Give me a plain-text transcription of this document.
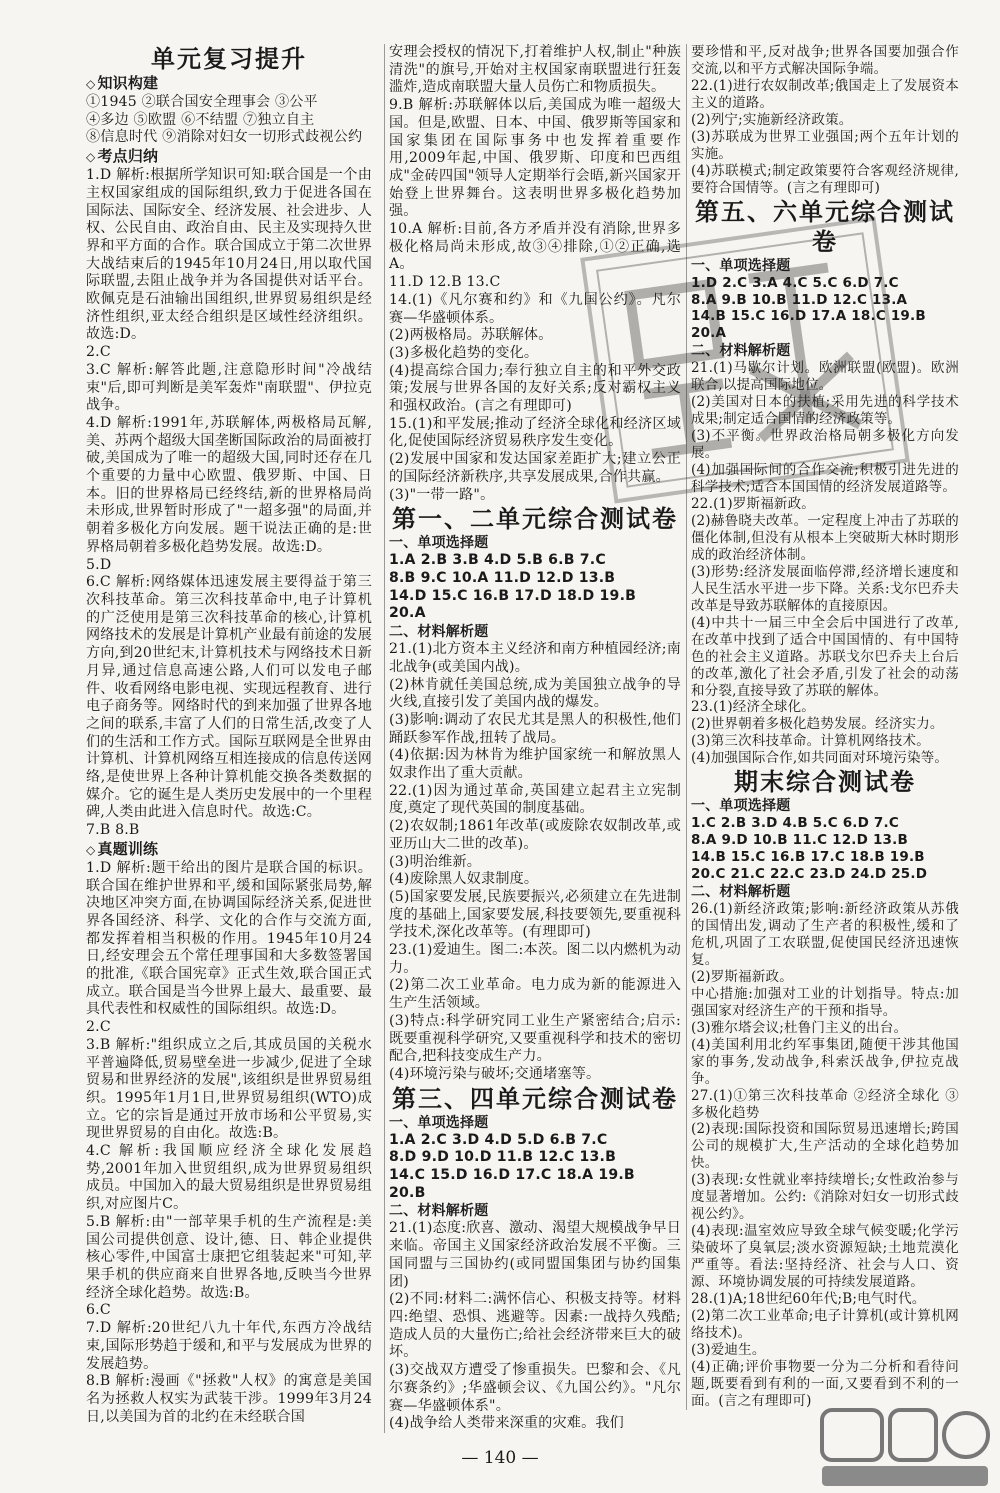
单元复习提升
◇ 知识构建

①1945 ②联合国安全理事会 ③公平

④多边 ⑤欧盟 ⑥不结盟 ⑦独立自主

⑧信息时代 ⑨消除对妇女一切形式歧视公约

◇ 考点归纳

1.D 解析:根据所学知识可知:联合国是一个由主权国家组成的国际组织,致力于促进各国在国际法、国际安全、经济发展、社会进步、人权、公民自由、政治自由、民主及实现持久世界和平方面的合作。联合国成立于第二次世界大战结束后的1945年10月24日,用以取代国际联盟,去阻止战争并为各国提供对话平台。欧佩克是石油输出国组织,世界贸易组织是经济性组织,亚太经合组织是区域性经济组织。故选:D。

2.C

3.C 解析:解答此题,注意隐形时间"冷战结束"后,即可判断是美军轰炸"南联盟"、伊拉克战争。

4.D 解析:1991年,苏联解体,两极格局瓦解,美、苏两个超级大国垄断国际政治的局面被打破,美国成为了唯一的超级大国,同时还存在几个重要的力量中心欧盟、俄罗斯、中国、日本。旧的世界格局已经终结,新的世界格局尚未形成,世界暂时形成了"一超多强"的局面,并朝着多极化方向发展。题干说法正确的是:世界格局朝着多极化趋势发展。故选:D。

5.D

6.C 解析:网络媒体迅速发展主要得益于第三次科技革命。第三次科技革命中,电子计算机的广泛使用是第三次科技革命的核心,计算机网络技术的发展是计算机产业最有前途的发展方向,到20世纪末,计算机技术与网络技术日新月异,通过信息高速公路,人们可以发电子邮件、收看网络电影电视、实现远程教育、进行电子商务等。网络时代的到来加强了世界各地之间的联系,丰富了人们的日常生活,改变了人们的生活和工作方式。国际互联网是全世界由计算机、计算机网络互相连接成的信息传送网络,是使世界上各种计算机能交换各类数据的媒介。它的诞生是人类历史发展中的一个里程碑,人类由此进入信息时代。故选:C。

7.B 8.B

◇ 真题训练

1.D 解析:题干给出的图片是联合国的标识。联合国在维护世界和平,缓和国际紧张局势,解决地区冲突方面,在协调国际经济关系,促进世界各国经济、科学、文化的合作与交流方面,都发挥着相当积极的作用。1945年10月24日,经安理会五个常任理事国和大多数签署国的批准,《联合国宪章》正式生效,联合国正式成立。联合国是当今世界上最大、最重要、最具代表性和权威性的国际组织。故选:D。

2.C

3.B 解析:"组织成立之后,其成员国的关税水平普遍降低,贸易壁垒进一步减少,促进了全球贸易和世界经济的发展",该组织是世界贸易组织。1995年1月1日,世界贸易组织(WTO)成立。它的宗旨是通过开放市场和公平贸易,实现世界贸易的自由化。故选:B。

4.C 解析:我国顺应经济全球化发展趋势,2001年加入世贸组织,成为世界贸易组织成员。中国加入的最大贸易组织是世界贸易组织,对应图片C。

5.B 解析:由"一部苹果手机的生产流程是:美国公司提供创意、设计,德、日、韩企业提供核心零件,中国富士康把它组装起来"可知,苹果手机的供应商来自世界各地,反映当今世界经济全球化趋势。故选:B。

6.C

7.D 解析:20世纪八九十年代,东西方冷战结束,国际形势趋于缓和,和平与发展成为世界的发展趋势。

8.B 解析:漫画《"拯救"人权》的寓意是美国名为拯救人权实为武装干涉。1999年3月24日,以美国为首的北约在未经联合国

安理会授权的情况下,打着维护人权,制止"种族清洗"的旗号,开始对主权国家南联盟进行狂轰滥炸,造成南联盟大量人员伤亡和物质损失。

9.B 解析:苏联解体以后,美国成为唯一超级大国。但是,欧盟、日本、中国、俄罗斯等国家和国家集团在国际事务中也发挥着重要作用,2009年起,中国、俄罗斯、印度和巴西组成"金砖四国"领导人定期举行会晤,新兴国家开始登上世界舞台。这表明世界多极化趋势加强。

10.A 解析:目前,各方矛盾并没有消除,世界多极化格局尚未形成,故③④排除,①②正确,选A。

11.D 12.B 13.C

14.(1)《凡尔赛和约》和《九国公约》。凡尔赛—华盛顿体系。

(2)两极格局。苏联解体。

(3)多极化趋势的变化。

(4)提高综合国力;奉行独立自主的和平外交政策;发展与世界各国的友好关系;反对霸权主义和强权政治。(言之有理即可)

15.(1)和平发展;推动了经济全球化和经济区域化,促使国际经济贸易秩序发生变化。

(2)发展中国家和发达国家差距扩大;建立公正的国际经济新秩序,共享发展成果,合作共赢。

(3)"一带一路"。

第一、二单元综合测试卷
一、单项选择题

1.A 2.B 3.B 4.D 5.B 6.B 7.C

8.B 9.C 10.A 11.D 12.D 13.B

14.D 15.C 16.B 17.D 18.D 19.B

20.A

二、材料解析题

21.(1)北方资本主义经济和南方种植园经济;南北战争(或美国内战)。

(2)林肯就任美国总统,成为美国独立战争的导火线,直接引发了美国内战的爆发。

(3)影响:调动了农民尤其是黑人的积极性,他们踊跃参军作战,扭转了战局。

(4)依据:因为林肯为维护国家统一和解放黑人奴隶作出了重大贡献。

22.(1)因为通过革命,英国建立起君主立宪制度,奠定了现代英国的制度基础。

(2)农奴制;1861年改革(或废除农奴制改革,或亚历山大二世的改革)。

(3)明治维新。

(4)废除黑人奴隶制度。

(5)国家要发展,民族要振兴,必须建立在先进制度的基础上,国家要发展,科技要领先,要重视科学技术,深化改革等。(有理即可)

23.(1)爱迪生。图二:本茨。图二以内燃机为动力。

(2)第二次工业革命。电力成为新的能源进入生产生活领域。

(3)特点:科学研究同工业生产紧密结合;启示:既要重视科学研究,又要重视科学和技术的密切配合,把科技变成生产力。

(4)环境污染与破坏;交通堵塞等。

第三、四单元综合测试卷
一、单项选择题

1.A 2.C 3.D 4.D 5.D 6.B 7.C

8.D 9.D 10.D 11.B 12.C 13.B

14.C 15.D 16.D 17.C 18.A 19.B

20.B

二、材料解析题

21.(1)态度:欣喜、激动、渴望大规模战争早日来临。帝国主义国家经济政治发展不平衡。三国同盟与三国协约(或同盟国集团与协约国集团)

(2)不同:材料二:满怀信心、积极支持等。材料四:绝望、恐惧、逃避等。因素:一战持久残酷;造成人员的大量伤亡;给社会经济带来巨大的破坏。

(3)交战双方遭受了惨重损失。巴黎和会、《凡尔赛条约》;华盛顿会议、《九国公约》。"凡尔赛—华盛顿体系"。

(4)战争给人类带来深重的灾难。我们

要珍惜和平,反对战争;世界各国要加强合作交流,以和平方式解决国际争端。

22.(1)进行农奴制改革;俄国走上了发展资本主义的道路。

(2)列宁;实施新经济政策。

(3)苏联成为世界工业强国;两个五年计划的实施。

(4)苏联模式;制定政策要符合客观经济规律,要符合国情等。(言之有理即可)

第五、六单元综合测试卷
一、单项选择题

1.D 2.C 3.A 4.C 5.C 6.D 7.C

8.A 9.B 10.B 11.D 12.C 13.A

14.B 15.C 16.D 17.A 18.C 19.B

20.A

二、材料解析题

21.(1)马歇尔计划。欧洲联盟(欧盟)。欧洲联合,以提高国际地位。

(2)美国对日本的扶植;采用先进的科学技术成果;制定适合国情的经济政策等。

(3)不平衡。世界政治格局朝多极化方向发展。

(4)加强国际间的合作交流;积极引进先进的科学技术;适合本国国情的经济发展道路等。

22.(1)罗斯福新政。

(2)赫鲁晓夫改革。一定程度上冲击了苏联的僵化体制,但没有从根本上突破斯大林时期形成的政治经济体制。

(3)形势:经济发展面临停滞,经济增长速度和人民生活水平进一步下降。关系:戈尔巴乔夫改革是导致苏联解体的直接原因。

(4)中共十一届三中全会后中国进行了改革,在改革中找到了适合中国国情的、有中国特色的社会主义道路。苏联戈尔巴乔夫上台后的改革,激化了社会矛盾,引发了社会的动荡和分裂,直接导致了苏联的解体。

23.(1)经济全球化。

(2)世界朝着多极化趋势发展。经济实力。

(3)第三次科技革命。计算机网络技术。

(4)加强国际合作,如共同面对环境污染等。

期末综合测试卷
一、单项选择题

1.C 2.B 3.D 4.B 5.C 6.D 7.C

8.A 9.D 10.B 11.C 12.D 13.B

14.B 15.C 16.B 17.C 18.B 19.B

20.C 21.C 22.C 23.D 24.D 25.D

二、材料解析题

26.(1)新经济政策;影响:新经济政策从苏俄的国情出发,调动了生产者的积极性,缓和了危机,巩固了工农联盟,促使国民经济迅速恢复。

(2)罗斯福新政。

中心措施:加强对工业的计划指导。特点:加强国家对经济生产的干预和指导。

(3)雅尔塔会议;杜鲁门主义的出台。

(4)美国利用北约军事集团,随便干涉其他国家的事务,发动战争,科索沃战争,伊拉克战争。

27.(1)①第三次科技革命 ②经济全球化 ③多极化趋势

(2)表现:国际投资和国际贸易迅速增长;跨国公司的规模扩大,生产活动的全球化趋势加快。

(3)表现:女性就业率持续增长;女性政治参与度显著增加。公约:《消除对妇女一切形式歧视公约》。

(4)表现:温室效应导致全球气候变暖;化学污染破坏了臭氧层;淡水资源短缺;土地荒漠化严重等。看法:坚持经济、社会与人口、资源、环境协调发展的可持续发展道路。

28.(1)A;18世纪60年代;B;电气时代。

(2)第二次工业革命;电子计算机(或计算机网络技术)。

(3)爱迪生。

(4)正确;评价事物要一分为二分析和看待问题,既要看到有利的一面,又要看到不利的一面。(言之有理即可)

— 140 —
